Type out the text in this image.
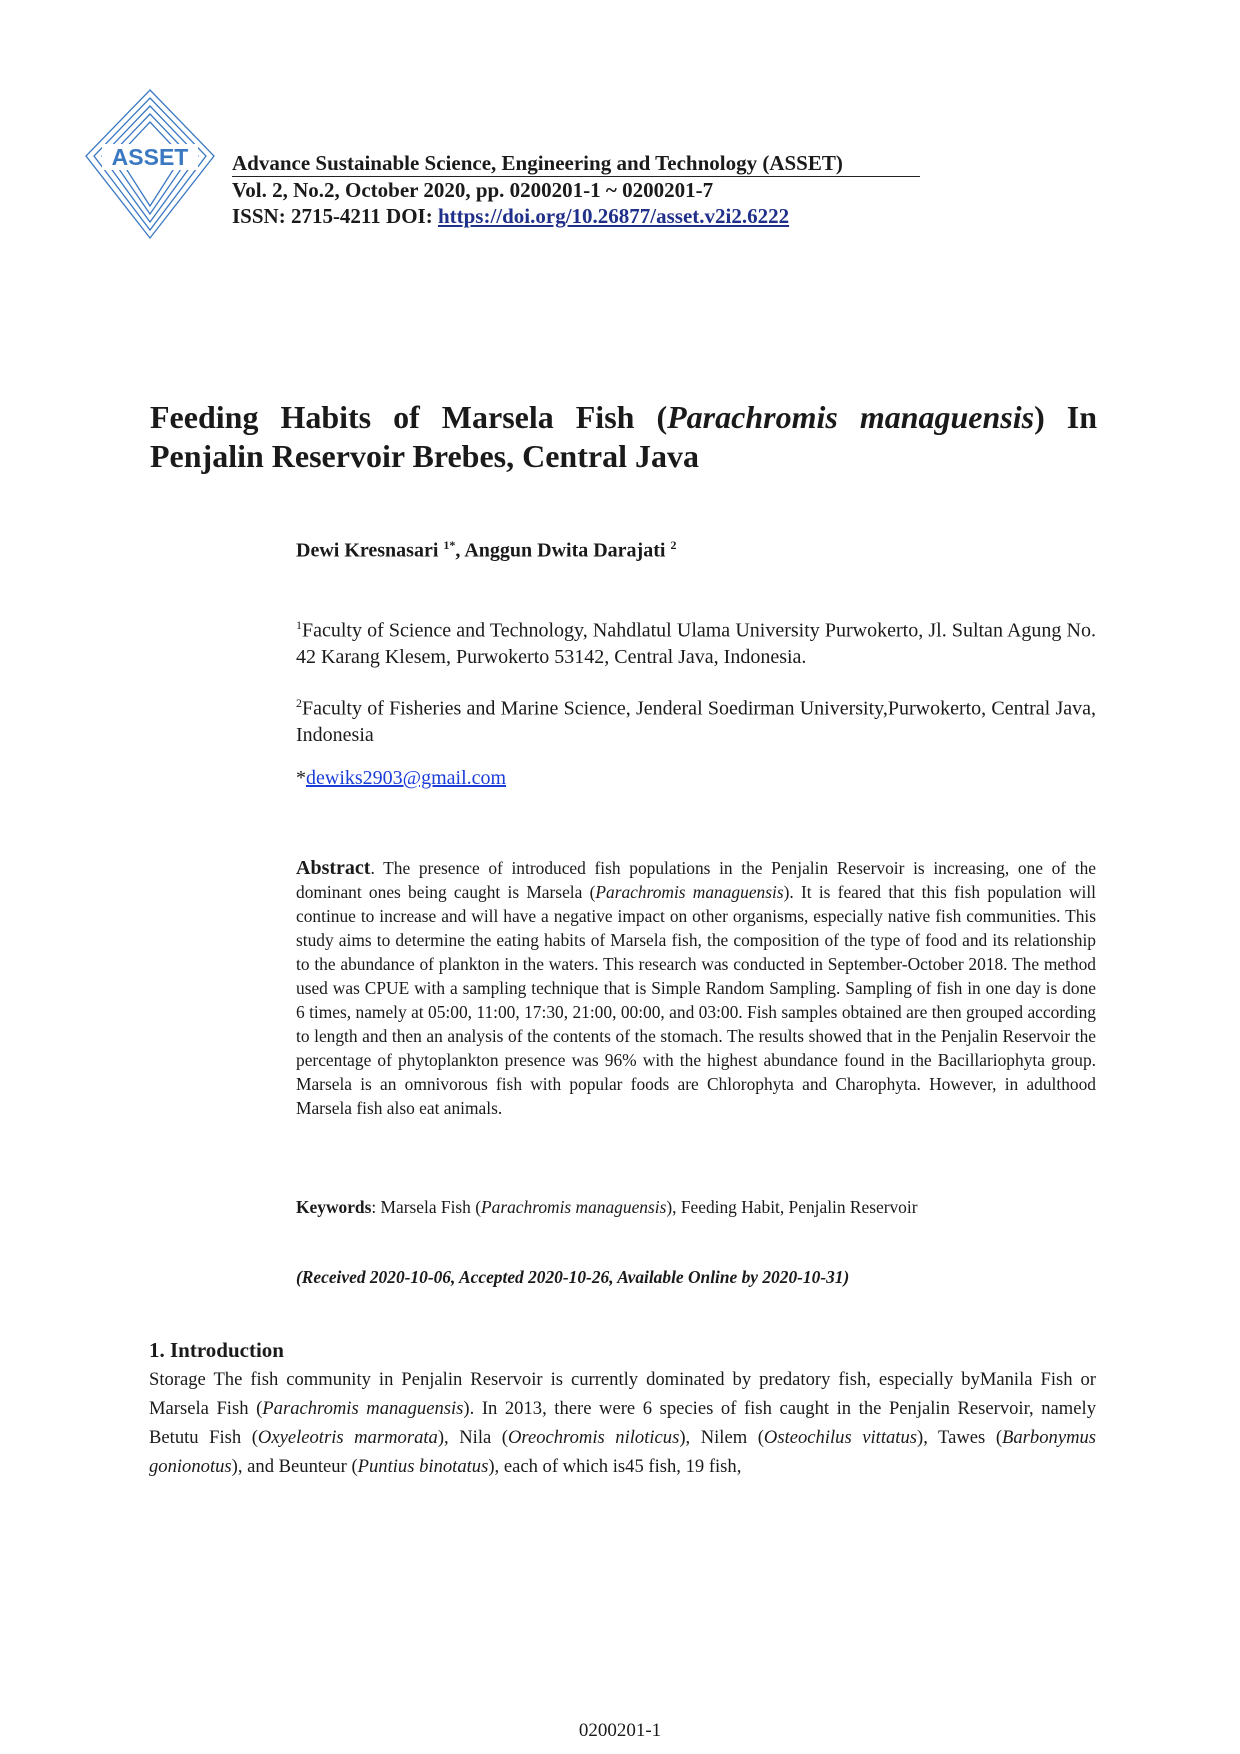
ASSET Advance Sustainable Science, Engineering and Technology (ASSET)
Vol. 2, No.2, October 2020, pp. 0200201-1 ~ 0200201-7
ISSN: 2715-4211 DOI: https://doi.org/10.26877/asset.v2i2.6222
Feeding Habits of Marsela Fish (Parachromis managuensis) In Penjalin Reservoir Brebes, Central Java
Dewi Kresnasari $^{1*}$, Anggun Dwita Darajati $^2$
$^1$Faculty of Science and Technology, Nahdlatul Ulama University Purwokerto, Jl. Sultan Agung No. 42 Karang Klesem, Purwokerto 53142, Central Java, Indonesia.
$^2$Faculty of Fisheries and Marine Science, Jenderal Soedirman University,Purwokerto, Central Java, Indonesia
*dewiks2903@gmail.com
Abstract. The presence of introduced fish populations in the Penjalin Reservoir is increasing, one of the dominant ones being caught is Marsela (Parachromis managuensis). It is feared that this fish population will continue to increase and will have a negative impact on other organisms, especially native fish communities. This study aims to determine the eating habits of Marsela fish, the composition of the type of food and its relationship to the abundance of plankton in the waters. This research was conducted in September-October 2018. The method used was CPUE with a sampling technique that is Simple Random Sampling. Sampling of fish in one day is done 6 times, namely at 05:00, 11:00, 17:30, 21:00, 00:00, and 03:00. Fish samples obtained are then grouped according to length and then an analysis of the contents of the stomach. The results showed that in the Penjalin Reservoir the percentage of phytoplankton presence was 96% with the highest abundance found in the Bacillariophyta group. Marsela is an omnivorous fish with popular foods are Chlorophyta and Charophyta. However, in adulthood Marsela fish also eat animals.
Keywords: Marsela Fish (Parachromis managuensis), Feeding Habit, Penjalin Reservoir
(Received 2020-10-06, Accepted 2020-10-26, Available Online by 2020-10-31)
1. Introduction
Storage The fish community in Penjalin Reservoir is currently dominated by predatory fish, especially byManila Fish or Marsela Fish (Parachromis managuensis). In 2013, there were 6 species of fish caught in the Penjalin Reservoir, namely Betutu Fish (Oxyeleotris marmorata), Nila (Oreochromis niloticus), Nilem (Osteochilus vittatus), Tawes (Barbonymus gonionotus), and Beunteur (Puntius binotatus), each of which is45 fish, 19 fish,
0200201-1
